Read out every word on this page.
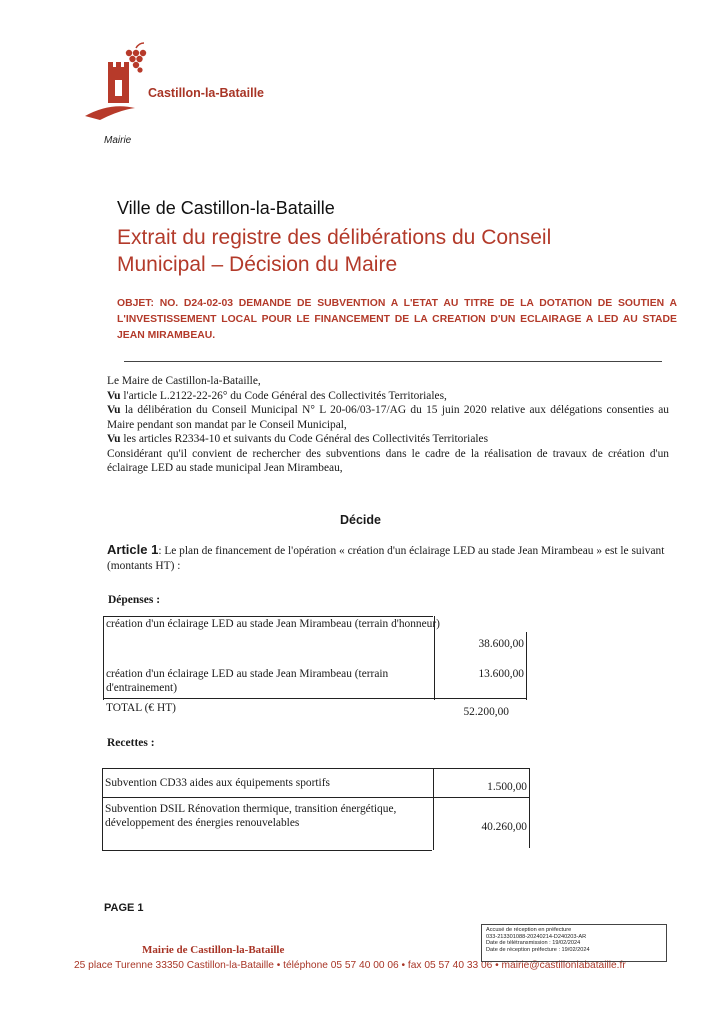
Castillon-la-Bataille
Mairie
Ville de Castillon-la-Bataille
Extrait du registre des délibérations du Conseil
Municipal – Décision du Maire
OBJET: NO. D24-02-03 DEMANDE DE SUBVENTION A L'ETAT AU TITRE DE LA DOTATION DE SOUTIEN A L'INVESTISSEMENT LOCAL POUR LE FINANCEMENT DE LA CREATION D'UN ECLAIRAGE A LED AU STADE JEAN MIRAMBEAU.

Le Maire de Castillon-la-Bataille,

Vu l'article L.2122-22-26° du Code Général des Collectivités Territoriales,

Vu la délibération du Conseil Municipal N° L 20-06/03-17/AG du 15 juin 2020 relative aux délégations consenties au Maire pendant son mandat par le Conseil Municipal,

Vu les articles R2334-10 et suivants du Code Général des Collectivités Territoriales

Considérant qu'il convient de rechercher des subventions dans le cadre de la réalisation de travaux de création d'un éclairage LED au stade municipal Jean Mirambeau,

Décide
Article 1: Le plan de financement de l'opération « création d'un éclairage LED au stade Jean Mirambeau » est le suivant (montants HT) :
Dépenses :
création d'un éclairage LED au stade Jean Mirambeau (terrain d'honneur)	38.600,00
création d'un éclairage LED au stade Jean Mirambeau (terrain d'entrainement)	13.600,00
TOTAL (€ HT)	52.200,00
Recettes :
Subvention CD33 aides aux équipements sportifs	1.500,00
Subvention DSIL Rénovation thermique, transition énergétique, développement des énergies renouvelables	40.260,00
PAGE 1
Mairie de Castillon-la-Bataille
25 place Turenne 33350 Castillon-la-Bataille • téléphone 05 57 40 00 06 • fax 05 57 40 33 06 • mairie@castillonlabataille.fr
Accusé de réception en préfecture
033-213301088-20240214-D240203-AR
Date de télétransmission : 19/02/2024
Date de réception préfecture : 19/02/2024
